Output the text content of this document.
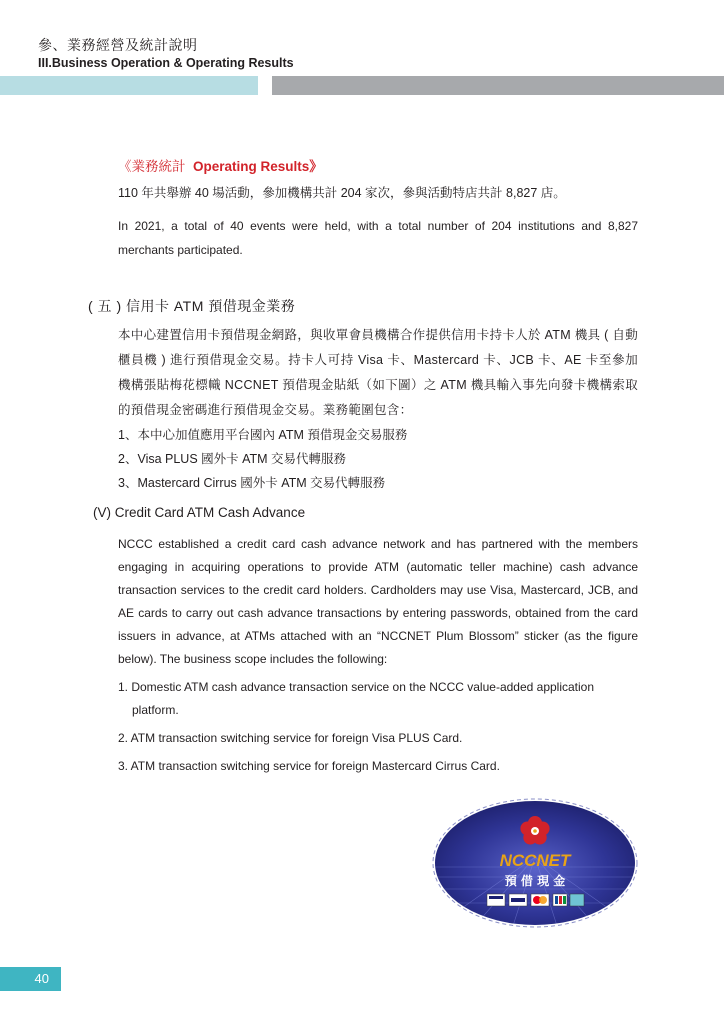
參、業務經營及統計說明
III.Business Operation & Operating Results
《業務統計 Operating Results》

110 年共舉辦 40 場活動，參加機構共計 204 家次，參與活動特店共計 8,827 店。

In 2021, a total of 40 events were held, with a total number of 204 institutions and 8,827 merchants participated.

( 五 ) 信用卡 ATM 預借現金業務

本中心建置信用卡預借現金網路，與收單會員機構合作提供信用卡持卡人於 ATM 機具 ( 自動櫃員機 ) 進行預借現金交易。持卡人可持 Visa 卡、Mastercard 卡、JCB 卡、AE 卡至參加機構張貼梅花標幟 NCCNET 預借現金貼紙（如下圖）之 ATM 機具輸入事先向發卡機構索取的預借現金密碼進行預借現金交易。業務範圍包含：

1、本中心加值應用平台國內 ATM 預借現金交易服務

2、Visa PLUS 國外卡 ATM 交易代轉服務

3、Mastercard Cirrus 國外卡 ATM 交易代轉服務

(V) Credit Card ATM Cash Advance

NCCC established a credit card cash advance network and has partnered with the members engaging in acquiring operations to provide ATM (automatic teller machine) cash advance transaction services to the credit card holders. Cardholders may use Visa, Mastercard, JCB, and AE cards to carry out cash advance transactions by entering passwords, obtained from the card issuers in advance, at ATMs attached with an “NCCNET Plum Blossom” sticker (as the figure below). The business scope includes the following:

1. Domestic ATM cash advance transaction service on the NCCC value-added application

platform.

2. ATM transaction switching service for foreign Visa PLUS Card.

3. ATM transaction switching service for foreign Mastercard Cirrus Card.

NCCNET
預 借 現 金
40
